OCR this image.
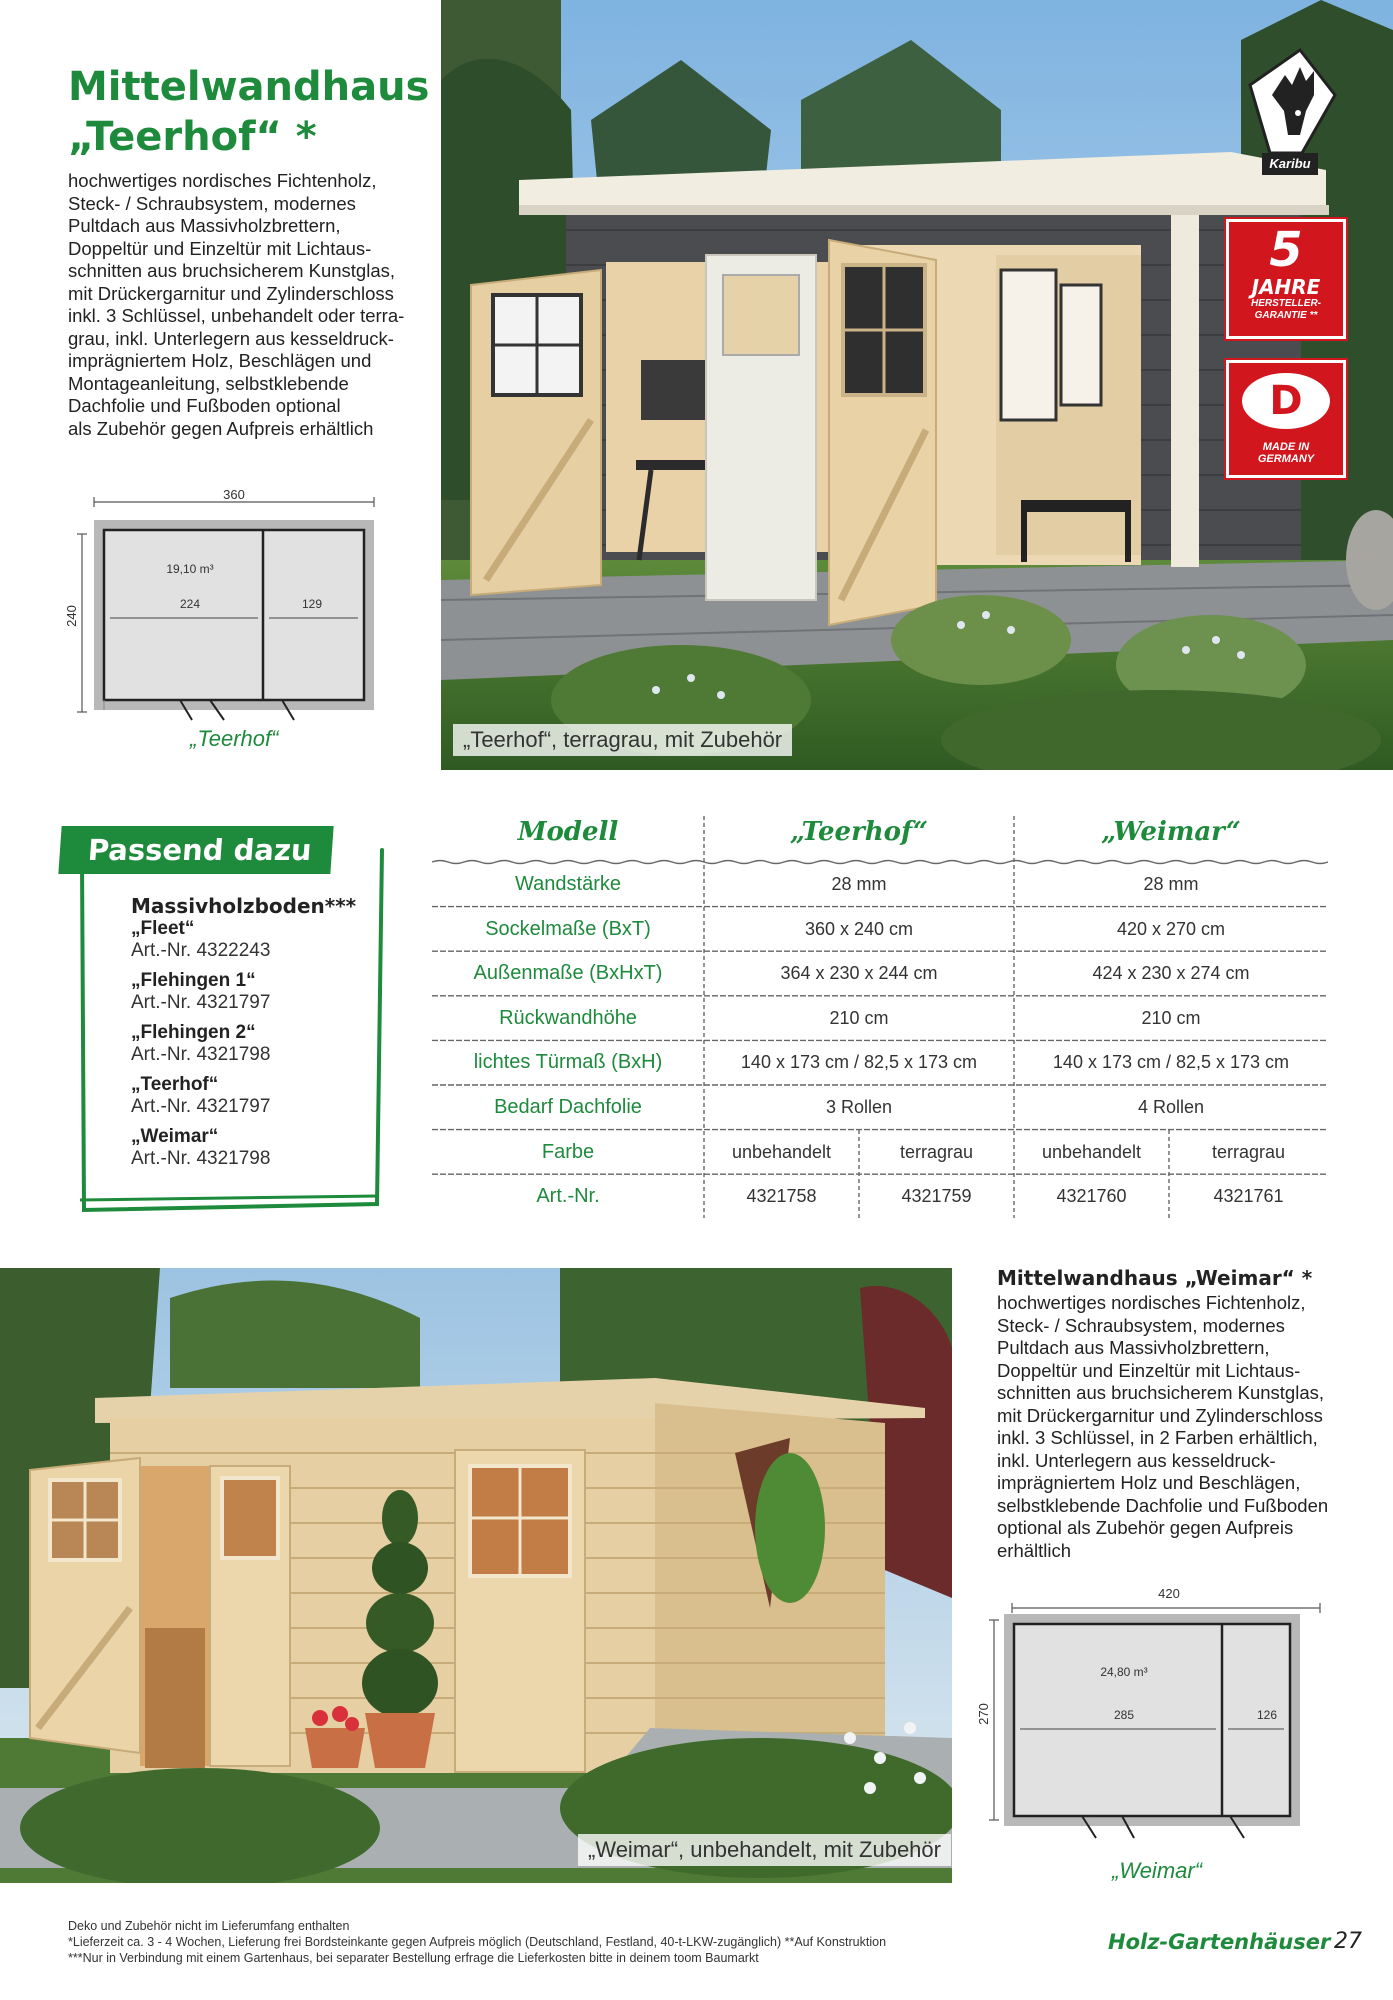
Mittelwandhaus
„Teerhof“ *
hochwertiges nordisches Fichtenholz,
Steck- / Schraubsystem, modernes
Pultdach aus Massivholzbrettern,
Doppeltür und Einzeltür mit Lichtaus-
schnitten aus bruchsicherem Kunstglas,
mit Drückergarnitur und Zylinderschloss
inkl. 3 Schlüssel, unbehandelt oder terra-
grau, inkl. Unterlegern aus kesseldruck-
imprägniertem Holz, Beschlägen und
Montageanleitung, selbstklebende
Dachfolie und Fußboden optional
als Zubehör gegen Aufpreis erhältlich
360
240
19,10 m³
224	129
„Teerhof“	„Teerhof“, terragrau, mit Zubehör
Karibu
5
JAHRE
HERSTELLER-
GARANTIE **
D
MADE IN
GERMANY
Passend dazu
Massivholzboden***
„Fleet“
Art.-Nr. 4322243
„Flehingen 1“
Art.-Nr. 4321797
„Flehingen 2“
Art.-Nr. 4321798
„Teerhof“
Art.-Nr. 4321797
„Weimar“
Art.-Nr. 4321798
Modell	„Teerhof“	„Weimar“
Wandstärke	28 mm	28 mm
Sockelmaße (BxT)	360 x 240 cm	420 x 270 cm
Außenmaße (BxHxT)	364 x 230 x 244 cm	424 x 230 x 274 cm
Rückwandhöhe	210 cm	210 cm
lichtes Türmaß (BxH)	140 x 173 cm / 82,5 x 173 cm	140 x 173 cm / 82,5 x 173 cm
Bedarf Dachfolie	3 Rollen	4 Rollen
Farbe	unbehandelt	terragrau	unbehandelt	terragrau
Art.-Nr.	4321758	4321759	4321760	4321761
„Weimar“, unbehandelt, mit Zubehör
Mittelwandhaus „Weimar“ *
hochwertiges nordisches Fichtenholz,
Steck- / Schraubsystem, modernes
Pultdach aus Massivholzbrettern,
Doppeltür und Einzeltür mit Lichtaus-
schnitten aus bruchsicherem Kunstglas,
mit Drückergarnitur und Zylinderschloss
inkl. 3 Schlüssel, in 2 Farben erhältlich,
inkl. Unterlegern aus kesseldruck-
imprägniertem Holz und Beschlägen,
selbstklebende Dachfolie und Fußboden
optional als Zubehör gegen Aufpreis
erhältlich
420
270
24,80 m³
285	126
„Weimar“
Deko und Zubehör nicht im Lieferumfang enthalten
*Lieferzeit ca. 3 - 4 Wochen, Lieferung frei Bordsteinkante gegen Aufpreis möglich (Deutschland, Festland, 40-t-LKW-zugänglich) **Auf Konstruktion
***Nur in Verbindung mit einem Gartenhaus, bei separater Bestellung erfrage die Lieferkosten bitte in deinem toom Baumarkt
Holz-Gartenhäuser 27
